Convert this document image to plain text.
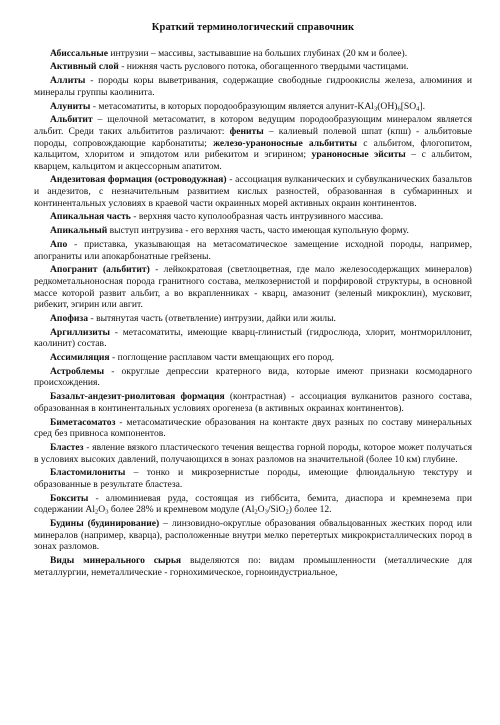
Краткий терминологический справочник

Абиссальные интрузии – массивы, застывавшие на больших глубинах (20 км и более).

Активный слой - нижняя часть руслового потока, обогащенного твердыми частицами.

Аллиты - породы коры выветривания, содержащие свободные гидроокислы железа, алюминия и минералы группы каолинита.

Алуниты - метасоматиты, в которых породообразующим является алунит-$KAl_3(OH)_6[SO_4]$.

Альбитит – щелочной метасоматит, в котором ведущим породообразующим минералом является альбит. Среди таких альбититов различают: фениты – калиевый полевой шпат (кпш) - альбитовые породы, сопровождающие карбонатиты; железо-уранoносные альбититы с альбитом, флогопитом, кальцитом, хлоритом и эпидотом или рибекитом и эгирином; ураноносные эйситы – с альбитом, кварцем, кальцитом и акцессорным апатитом.

Андезитовая формация (островодужная) - ассоциация вулканических и субвулканических базальтов и андезитов, с незначительным развитием кислых разностей, образованная в субмаринных и континентальных условиях в краевой части окраинных морей активных окраин континентов.

Апикальная часть - верхняя часто куполообразная часть интрузивного массива.

Апикальный выступ интрузива - его верхняя часть, часто имеющая купольную форму.

Апо - приставка, указывающая на метасоматическое замещение исходной породы, например, апограниты или апокарбонатные грейзены.

Апогранит (альбитит) - лейкократовая (светлоцветная, где мало железосодержащих минералов) редкометальноносная порода гранитного состава, мелкозернистой и порфировой структуры, в основной массе которой развит альбит, а во вкрапленниках - кварц, амазонит (зеленый микроклин), мусковит, рибекит, эгирин или авгит.

Апофиза - вытянутая часть (ответвление) интрузии, дайки или жилы.

Аргиллизиты - метасоматиты, имеющие кварц-глинистый (гидрослюда, хлорит, монтмориллонит, каолинит) состав.

Ассимиляция - поглощение расплавом части вмещающих его пород.

Астроблемы - округлые депрессии кратерного вида, которые имеют признаки космодарного происхождения.

Базальт-андезит-риолитовая формация (контрастная) - ассоциация вулканитов разного состава, образованная в континентальных условиях орогенеза (в активных окраинах континентов).

Биметасоматоз - метасоматические образования на контакте двух разных по составу минеральных сред без привноса компонентов.

Бластез - явление вязкого пластического течения вещества горной породы, которое может получаться в условиях высоких давлений, получающихся в зонах разломов на значительной (более 10 км) глубине.

Бластомилониты – тонко и микрозернистые породы, имеющие флюидальную текстуру и образованные в результате бластеза.

Бокситы - алюминиевая руда, состоящая из гиббсита, бемита, диаспора и кремнезема при содержании $Al_2O_3$ более 28% и кремневом модуле $(Al_2O_3/SiO_2)$ более 12.

Будины (будинирование) – линзовидно-округлые образования обвальцованных жестких пород или минералов (например, кварца), расположенные внутри мелко перетертых микрокристаллических пород в зонах разломов.

Виды минерального сырья выделяются по: видам промышленности (металлические для металлургии, неметаллические - горнохимическое, горноиндустриальное,
